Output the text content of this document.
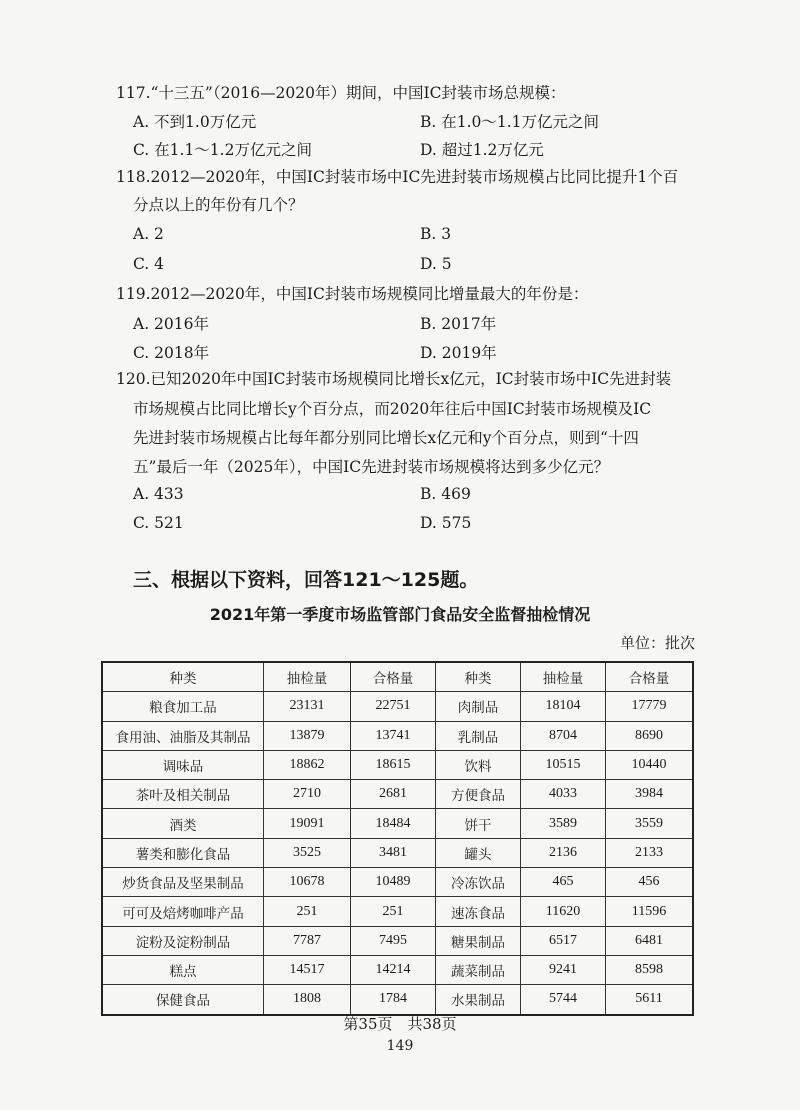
117.“十三五”（2016—2020年）期间，中国IC封装市场总规模：
A. 不到1.0万亿元	B. 在1.0～1.1万亿元之间
C. 在1.1～1.2万亿元之间	D. 超过1.2万亿元
118.2012—2020年，中国IC封装市场中IC先进封装市场规模占比同比提升1个百
分点以上的年份有几个？
A. 2	B. 3
C. 4	D. 5
119.2012—2020年，中国IC封装市场规模同比增量最大的年份是：
A. 2016年	B. 2017年
C. 2018年	D. 2019年
120.已知2020年中国IC封装市场规模同比增长x亿元，IC封装市场中IC先进封装
市场规模占比同比增长y个百分点，而2020年往后中国IC封装市场规模及IC
先进封装市场规模占比每年都分别同比增长x亿元和y个百分点，则到“十四
五”最后一年（2025年），中国IC先进封装市场规模将达到多少亿元？
A. 433	B. 469
C. 521	D. 575
三、根据以下资料，回答121～125题。
2021年第一季度市场监管部门食品安全监督抽检情况
单位：批次
种类	抽检量	合格量	种类	抽检量	合格量
粮食加工品	23131	22751	肉制品	18104	17779
食用油、油脂及其制品	13879	13741	乳制品	8704	8690
调味品	18862	18615	饮料	10515	10440
茶叶及相关制品	2710	2681	方便食品	4033	3984
酒类	19091	18484	饼干	3589	3559
薯类和膨化食品	3525	3481	罐头	2136	2133
炒货食品及坚果制品	10678	10489	冷冻饮品	465	456
可可及焙烤咖啡产品	251	251	速冻食品	11620	11596
淀粉及淀粉制品	7787	7495	糖果制品	6517	6481
糕点	14517	14214	蔬菜制品	9241	8598
保健食品	1808	1784	水果制品	5744	5611
第35页　共38页
149
